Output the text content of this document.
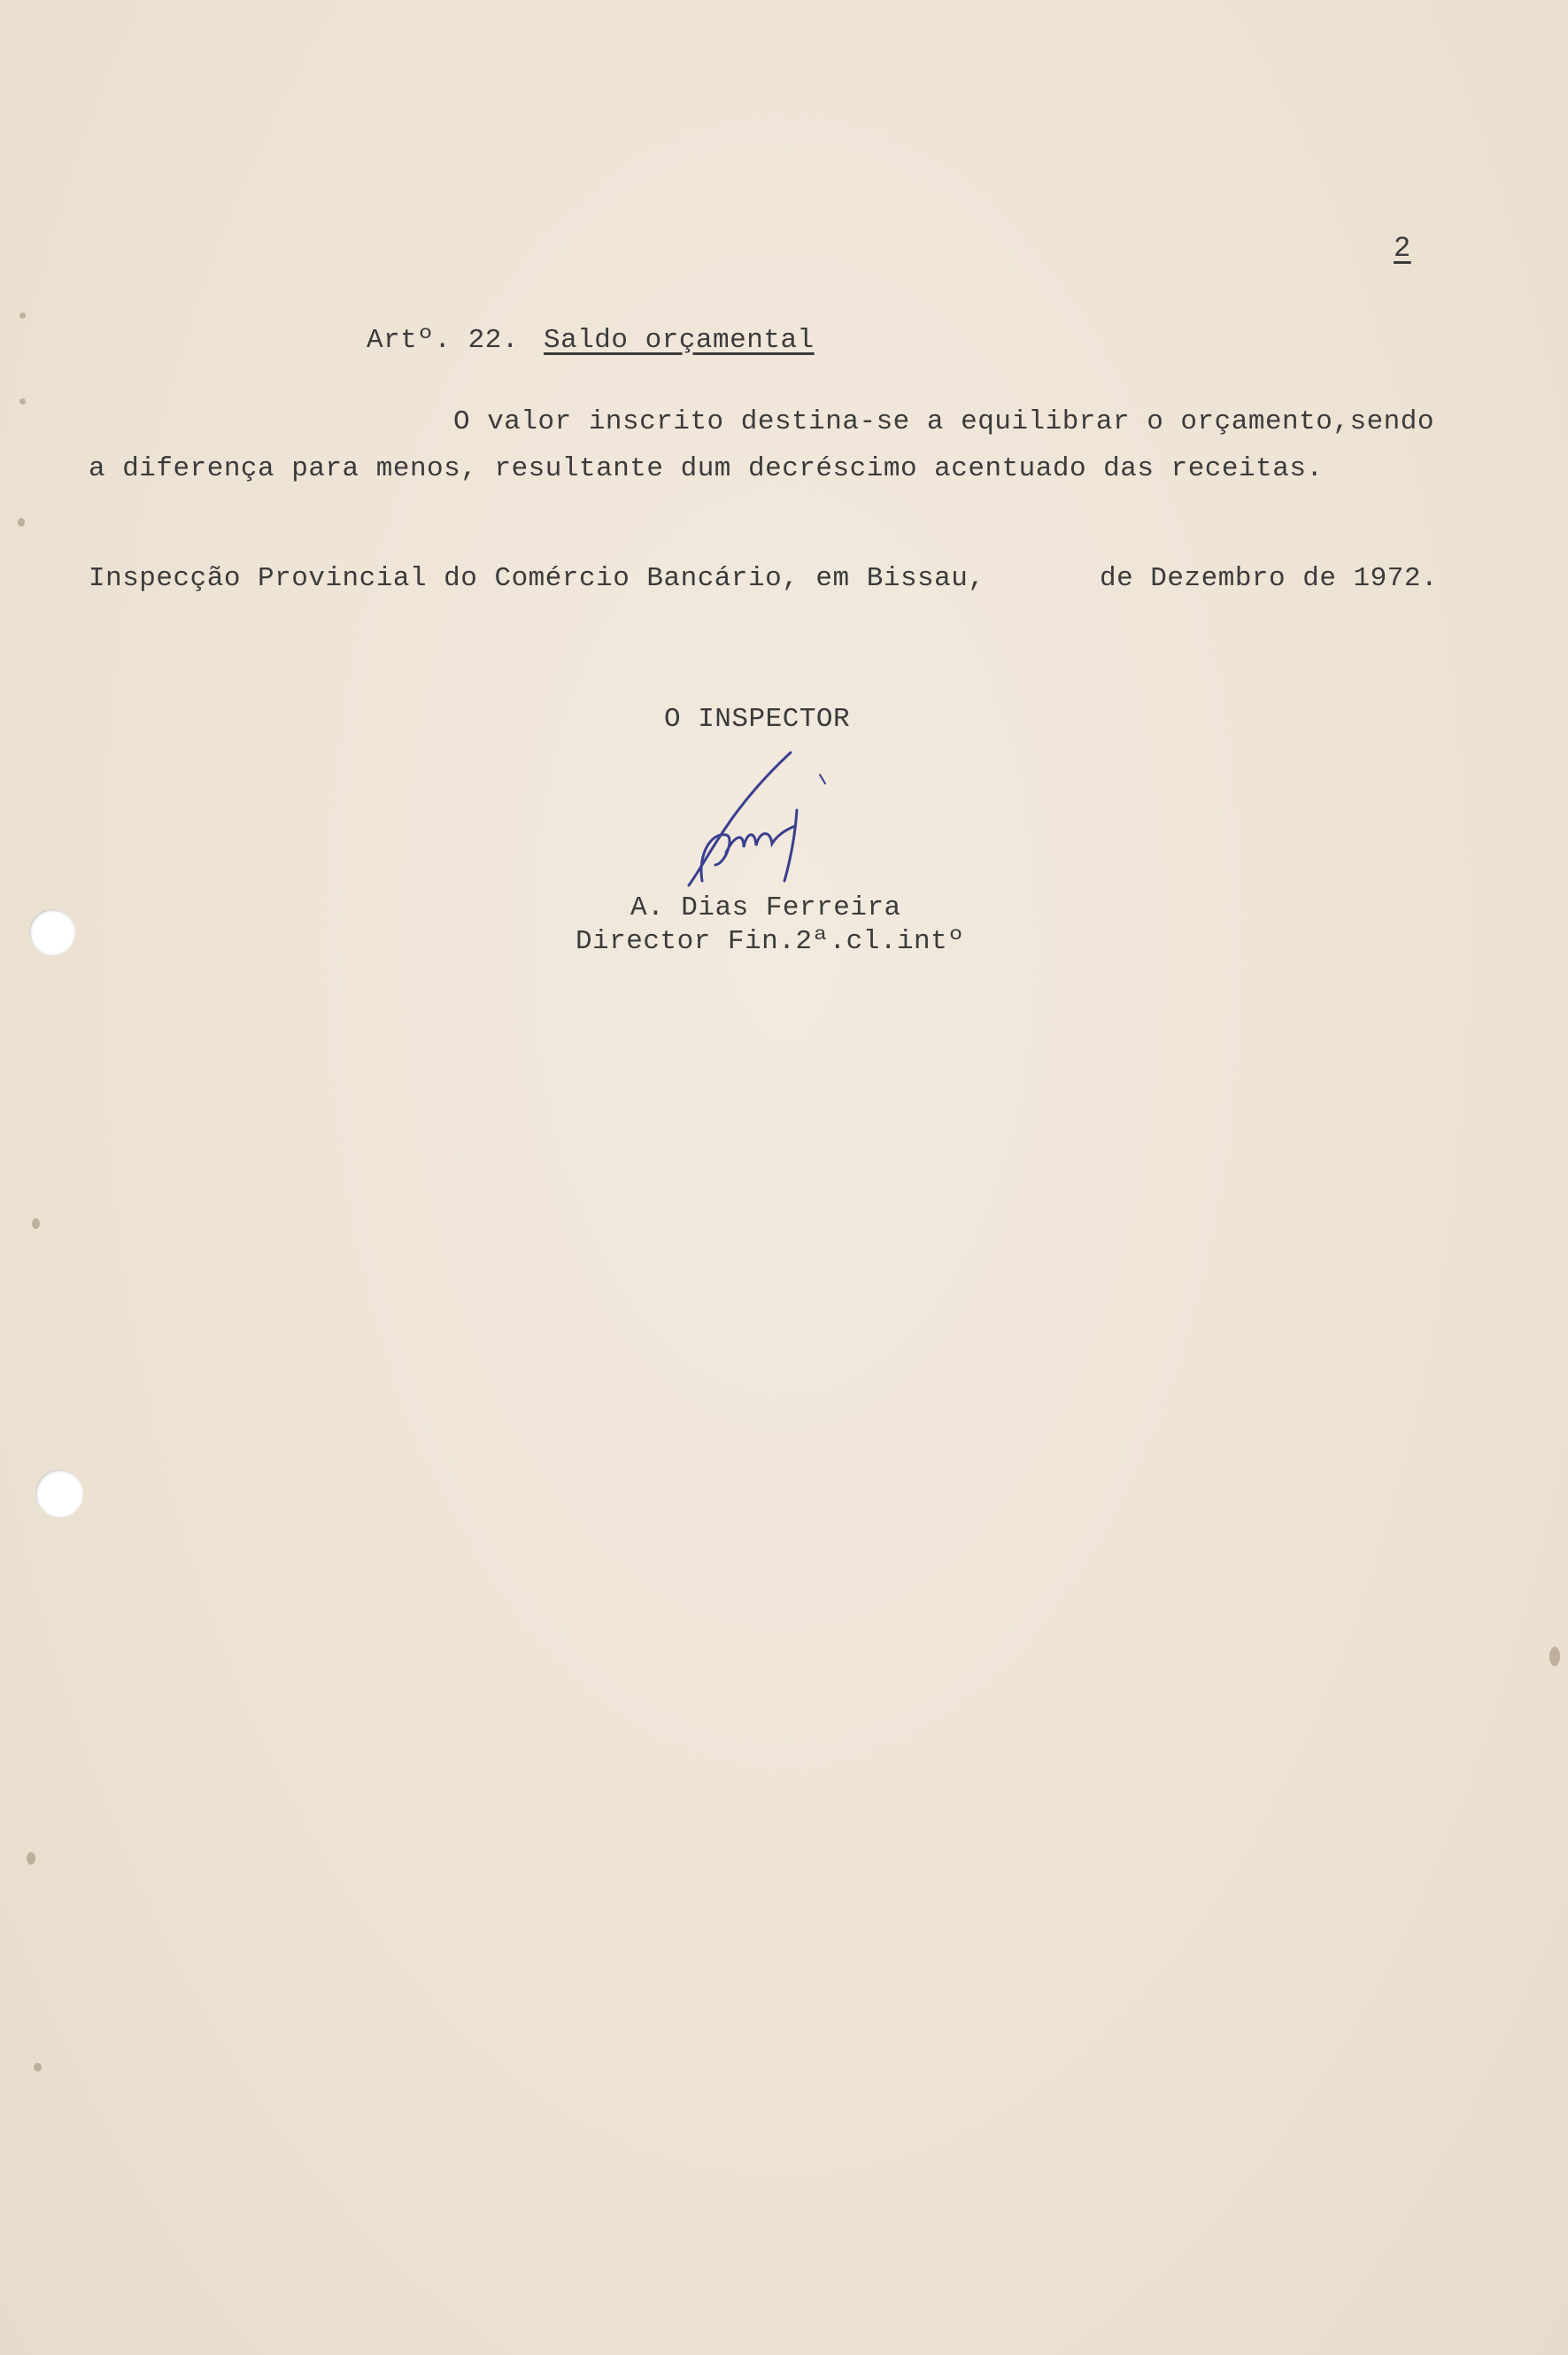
2
Artº. 22. Saldo orçamental
O valor inscrito destina-se a equilibrar o orçamento,sendo
a diferença para menos, resultante dum decréscimo acentuado das receitas.
Inspecção Provincial do Comércio Bancário, em Bissau,	de Dezembro de 1972.
O INSPECTOR
A. Dias Ferreira
Director Fin.2ª.cl.intº
